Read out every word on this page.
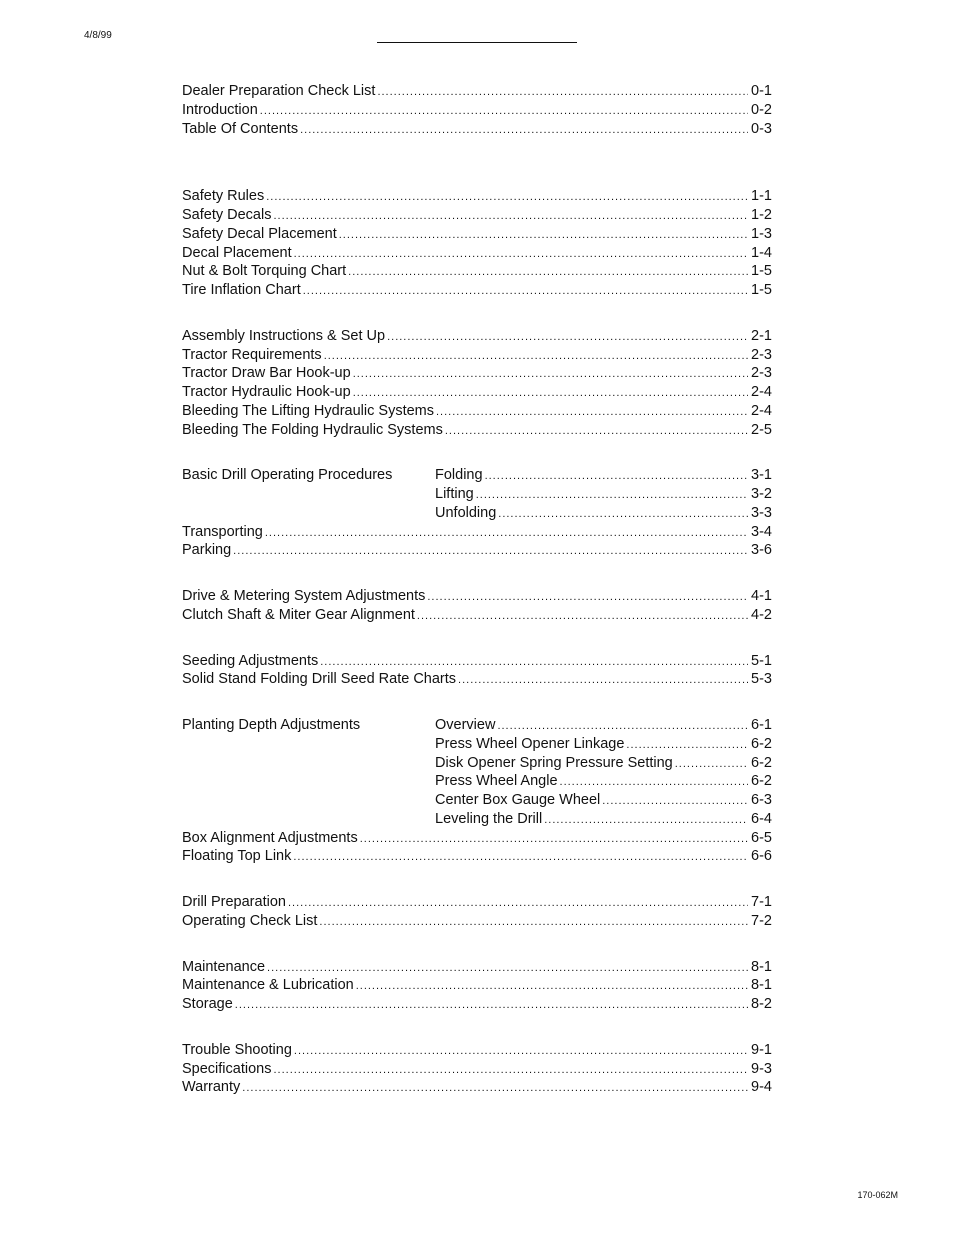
4/8/99
Dealer Preparation Check List .....	0-1
Introduction .....	0-2
Table Of Contents .....	0-3
Safety Rules .....	1-1
Safety Decals .....	1-2
Safety Decal Placement .....	1-3
Decal Placement .....	1-4
Nut & Bolt Torquing Chart .....	1-5
Tire Inflation Chart .....	1-5
Assembly Instructions & Set Up .....	2-1
Tractor Requirements .....	2-3
Tractor Draw Bar Hook-up .....	2-3
Tractor Hydraulic Hook-up .....	2-4
Bleeding The Lifting Hydraulic Systems .....	2-4
Bleeding The Folding Hydraulic Systems .....	2-5
Basic Drill Operating Procedures	Folding .....	3-1
Lifting .....	3-2
Unfolding .....	3-3
Transporting .....	3-4
Parking .....	3-6
Drive & Metering System Adjustments .....	4-1
Clutch Shaft & Miter Gear Alignment .....	4-2
Seeding Adjustments .....	5-1
Solid Stand Folding Drill Seed Rate Charts .....	5-3
Planting Depth Adjustments	Overview .....	6-1
Press Wheel Opener Linkage .....	6-2
Disk Opener Spring Pressure Setting .....	6-2
Press Wheel Angle .....	6-2
Center Box Gauge Wheel .....	6-3
Leveling the Drill .....	6-4
Box Alignment Adjustments .....	6-5
Floating Top Link .....	6-6
Drill Preparation .....	7-1
Operating Check List .....	7-2
Maintenance .....	8-1
Maintenance & Lubrication .....	8-1
Storage .....	8-2
Trouble Shooting .....	9-1
Specifications .....	9-3
Warranty .....	9-4
170-062M
